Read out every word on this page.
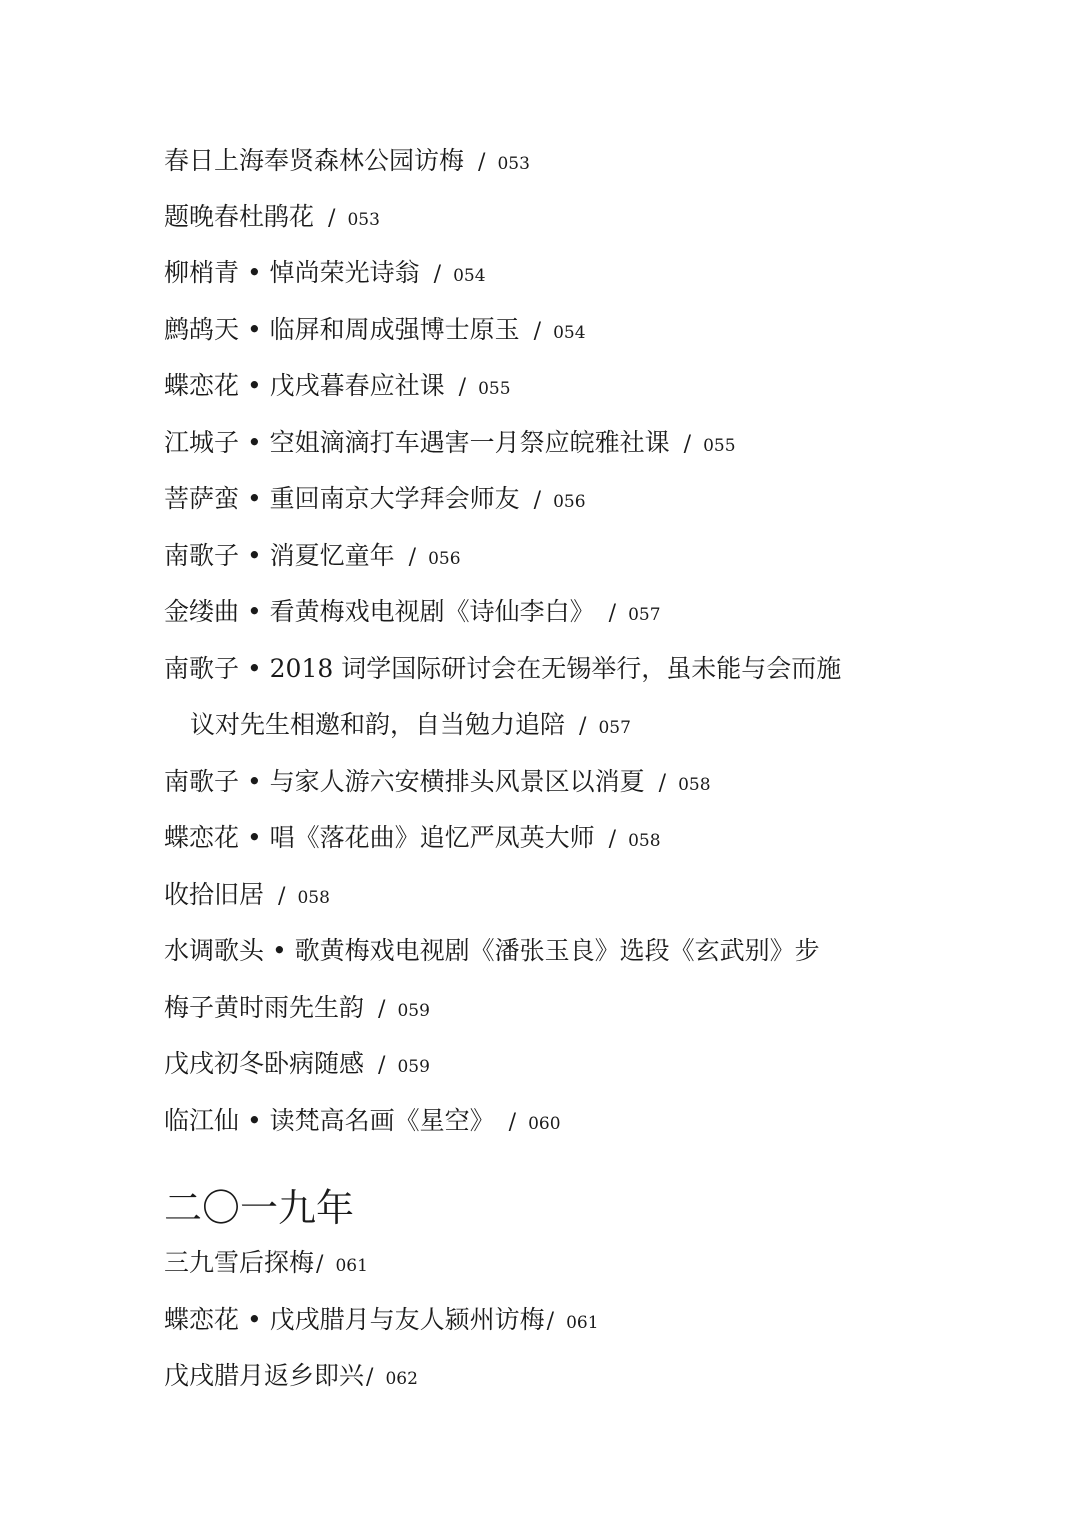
春日上海奉贤森林公园访梅 / 053
题晚春杜鹃花 / 053
柳梢青 • 悼尚荣光诗翁 / 054
鹧鸪天 • 临屏和周成强博士原玉 / 054
蝶恋花 • 戊戌暮春应社课 / 055
江城子 • 空姐滴滴打车遇害一月祭应皖雅社课 / 055
菩萨蛮 • 重回南京大学拜会师友 / 056
南歌子 • 消夏忆童年 / 056
金缕曲 • 看黄梅戏电视剧《诗仙李白》 / 057
南歌子 • 2018 词学国际研讨会在无锡举行，虽未能与会而施
议对先生相邀和韵，自当勉力追陪 / 057
南歌子 • 与家人游六安横排头风景区以消夏 / 058
蝶恋花 • 唱《落花曲》追忆严凤英大师 / 058
收拾旧居 / 058
水调歌头 • 歌黄梅戏电视剧《潘张玉良》选段《玄武别》步
梅子黄时雨先生韵 / 059
戊戌初冬卧病随感 / 059
临江仙 • 读梵高名画《星空》 / 060
二〇一九年
三九雪后探梅/ 061
蝶恋花 • 戊戌腊月与友人颍州访梅/ 061
戊戌腊月返乡即兴/ 062
